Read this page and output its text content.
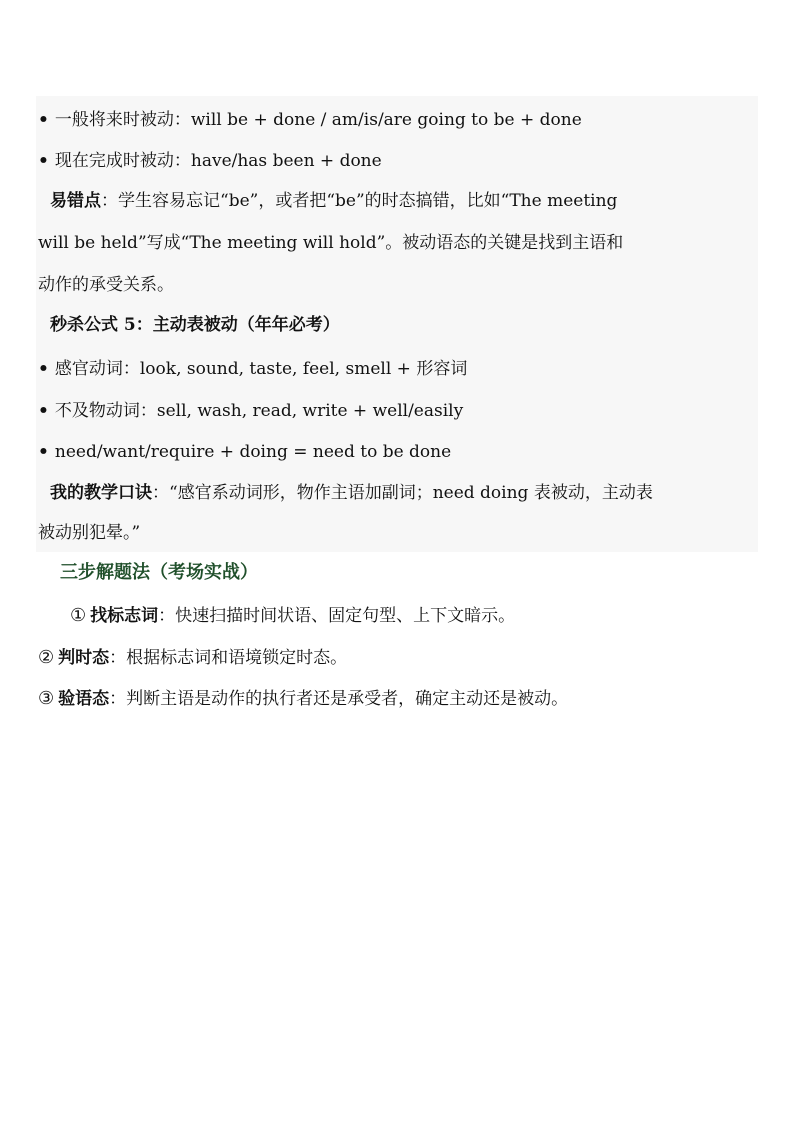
• 一般将来时被动：will be + done / am/is/are going to be + done
• 现在完成时被动：have/has been + done
易错点：学生容易忘记“be”，或者把“be”的时态搞错，比如“The meeting
will be held”写成“The meeting will hold”。被动语态的关键是找到主语和
动作的承受关系。
秒杀公式 5：主动表被动（年年必考）
• 感官动词：look, sound, taste, feel, smell + 形容词
• 不及物动词：sell, wash, read, write + well/easily
• need/want/require + doing = need to be done
我的教学口诀：“感官系动词形，物作主语加副词；need doing 表被动，主动表
被动别犯晕。”
三步解题法（考场实战）
① 找标志词：快速扫描时间状语、固定句型、上下文暗示。
② 判时态：根据标志词和语境锁定时态。
③ 验语态：判断主语是动作的执行者还是承受者，确定主动还是被动。
